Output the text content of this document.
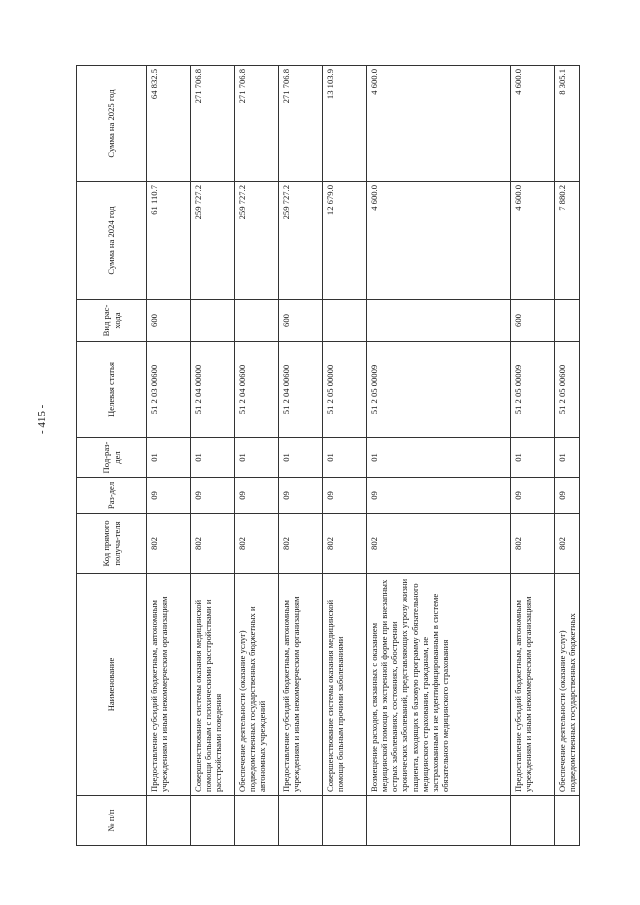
- 415 -
№ п/п	Наименование	Код прямого получа-теля	Раз-дел	Под-раз-дел	Целевая статья	Вид рас-хода	Сумма на 2024 год	Сумма на 2025 год
	Предоставление субсидий бюджетным, автономным учреждениям и иным некоммерческим организациям	802	09	01	51 2 03 00600	600	61 110.7	64 832.5
	Совершенствование системы оказания медицинской помощи больным с психическими расстройствами и расстройствами поведения	802	09	01	51 2 04 00000		259 727.2	271 706.8
	Обеспечение деятельности (оказание услуг) подведомственных государственных бюджетных и автономных учреждений	802	09	01	51 2 04 00600		259 727.2	271 706.8
	Предоставление субсидий бюджетным, автономным учреждениям и иным некоммерческим организациям	802	09	01	51 2 04 00600	600	259 727.2	271 706.8
	Совершенствование системы оказания медицинской помощи больным прочими заболеваниями	802	09	01	51 2 05 00000		12 679.0	13 103.9
	Возмещение расходов, связанных с оказанием медицинской помощи в экстренной форме при внезапных острых заболеваниях, состояниях, обострении хронических заболеваний, представляющих угрозу жизни пациента, входящих в базовую программу обязательного медицинского страхования, гражданам, не застрахованным и не идентифицированным в системе обязательного медицинского страхования	802	09	01	51 2 05 00009		4 600.0	4 600.0
	Предоставление субсидий бюджетным, автономным учреждениям и иным некоммерческим организациям	802	09	01	51 2 05 00009	600	4 600.0	4 600.0
	Обеспечение деятельности (оказание услуг) подведомственных государственных бюджетных	802	09	01	51 2 05 00600		7 880.2	8 305.1
